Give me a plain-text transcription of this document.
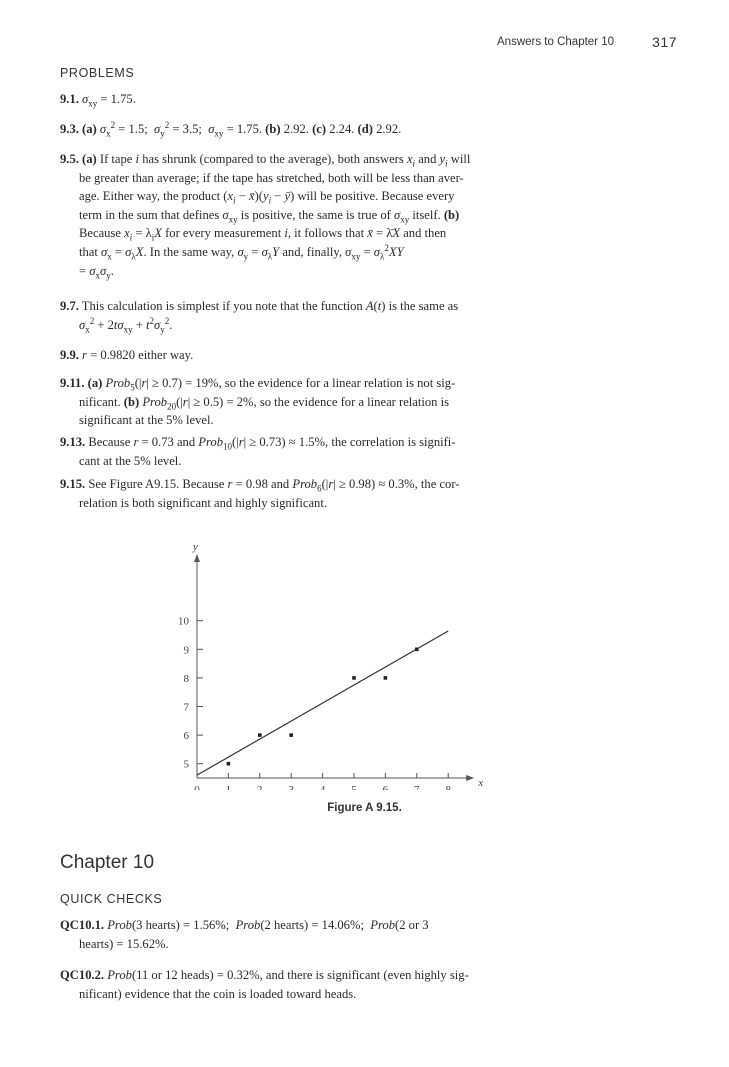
Answers to Chapter 10	317
PROBLEMS
9.1. $\sigma_{xy} = 1.75$.
9.3. (a) $\sigma_x^2 = 1.5$;  $\sigma_y^2 = 3.5$;  $\sigma_{xy} = 1.75$. (b) 2.92. (c) 2.24. (d) 2.92.
9.5. (a) If tape i has shrunk (compared to the average), both answers $x_i$ and $y_i$ will
be greater than average; if the tape has stretched, both will be less than aver-
age. Either way, the product ($x_i$ − $x̄)(y_i$ − ȳ) will be positive. Because every
term in the sum that defines $\sigma_{xy}$ is positive, the same is true of $\sigma_{xy}$ itself. (b)
Because $x_i = \lambda_iX$ for every measurement i, it follows that x̄ = λ̄X and then
that $\sigma_x = \sigma_\lambda X$. In the same way, $\sigma_y = \sigma_\lambda Y$ and, finally, $\sigma_{xy} = \sigma_\lambda^2XY$
= $\sigma_x\sigma_y$.
9.7. This calculation is simplest if you note that the function A(t) is the same as
$\sigma_x^2 + 2t\sigma_{xy} + t^2\sigma_y^2$.
9.9. r = 0.9820 either way.
9.11. (a) Prob$_5$(|r| ≥ 0.7) = 19%, so the evidence for a linear relation is not sig-
nificant. (b) Prob$_{20}$(|r| ≥ 0.5) = 2%, so the evidence for a linear relation is
significant at the 5% level.
9.13. Because r = 0.73 and Prob$_{10}$(|r| ≥ 0.73) ≈ 1.5%, the correlation is signifi-
cant at the 5% level.
9.15. See Figure A9.15. Because r = 0.98 and Prob$_6$(|r| ≥ 0.98) ≈ 0.3%, the cor-
relation is both significant and highly significant.
x
y
0 1 2 3 4 5 6 7 8
5
6
7
8
9
10
Figure A 9.15.
Chapter 10
QUICK CHECKS
QC10.1. Prob(3 hearts) = 1.56%;  Prob(2 hearts) = 14.06%;  Prob(2 or 3
hearts) = 15.62%.
QC10.2. Prob(11 or 12 heads) = 0.32%, and there is significant (even highly sig-
nificant) evidence that the coin is loaded toward heads.
